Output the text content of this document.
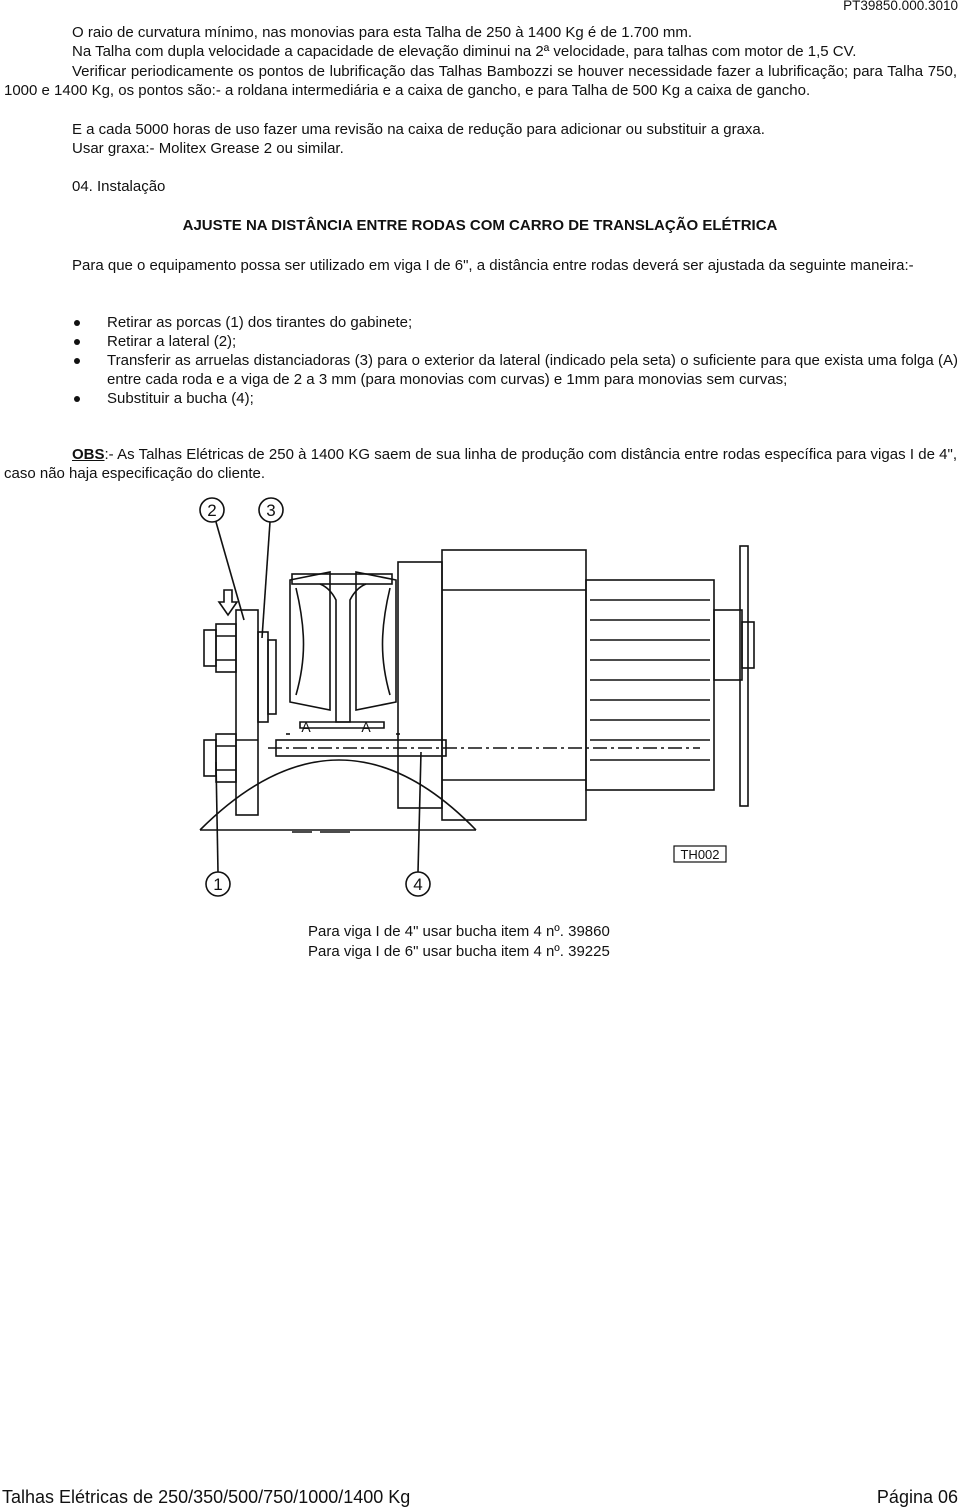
PT39850.000.3010
O raio de curvatura mínimo, nas monovias para esta Talha de 250 à 1400 Kg é de 1.700 mm.
Na Talha com dupla velocidade a capacidade de elevação diminui na 2ª velocidade, para talhas com motor de 1,5 CV.
Verificar periodicamente os pontos de lubrificação das Talhas Bambozzi se houver necessidade fazer a lubrificação; para Talha 750, 1000 e 1400 Kg, os pontos são:- a roldana intermediária e a caixa de gancho, e para Talha de 500 Kg a caixa de gancho.
E a cada 5000 horas de uso fazer uma revisão na caixa de redução para adicionar ou substituir a graxa.
Usar graxa:- Molitex Grease 2 ou similar.
04. Instalação
AJUSTE NA DISTÂNCIA ENTRE RODAS COM CARRO DE TRANSLAÇÃO ELÉTRICA
Para que o equipamento possa ser utilizado em viga I de 6", a distância entre rodas deverá ser ajustada da seguinte maneira:-
Retirar as porcas (1) dos tirantes do gabinete;
Retirar a lateral (2);
Transferir as arruelas distanciadoras (3) para o exterior da lateral (indicado pela seta) o suficiente para que exista uma folga (A) entre cada roda e a viga de 2 a 3 mm (para monovias com curvas) e 1mm para monovias sem curvas;
Substituir a bucha (4);
OBS:- As Talhas Elétricas de 250 à 1400 KG saem de sua linha de produção com distância entre rodas específica para vigas I de 4", caso não haja especificação do cliente.
2	3
1	4
A	A
TH002
Para viga I de 4" usar bucha item 4 nº. 39860
Para viga I de 6" usar bucha item 4 nº. 39225
Talhas Elétricas de 250/350/500/750/1000/1400 Kg	Página 06
